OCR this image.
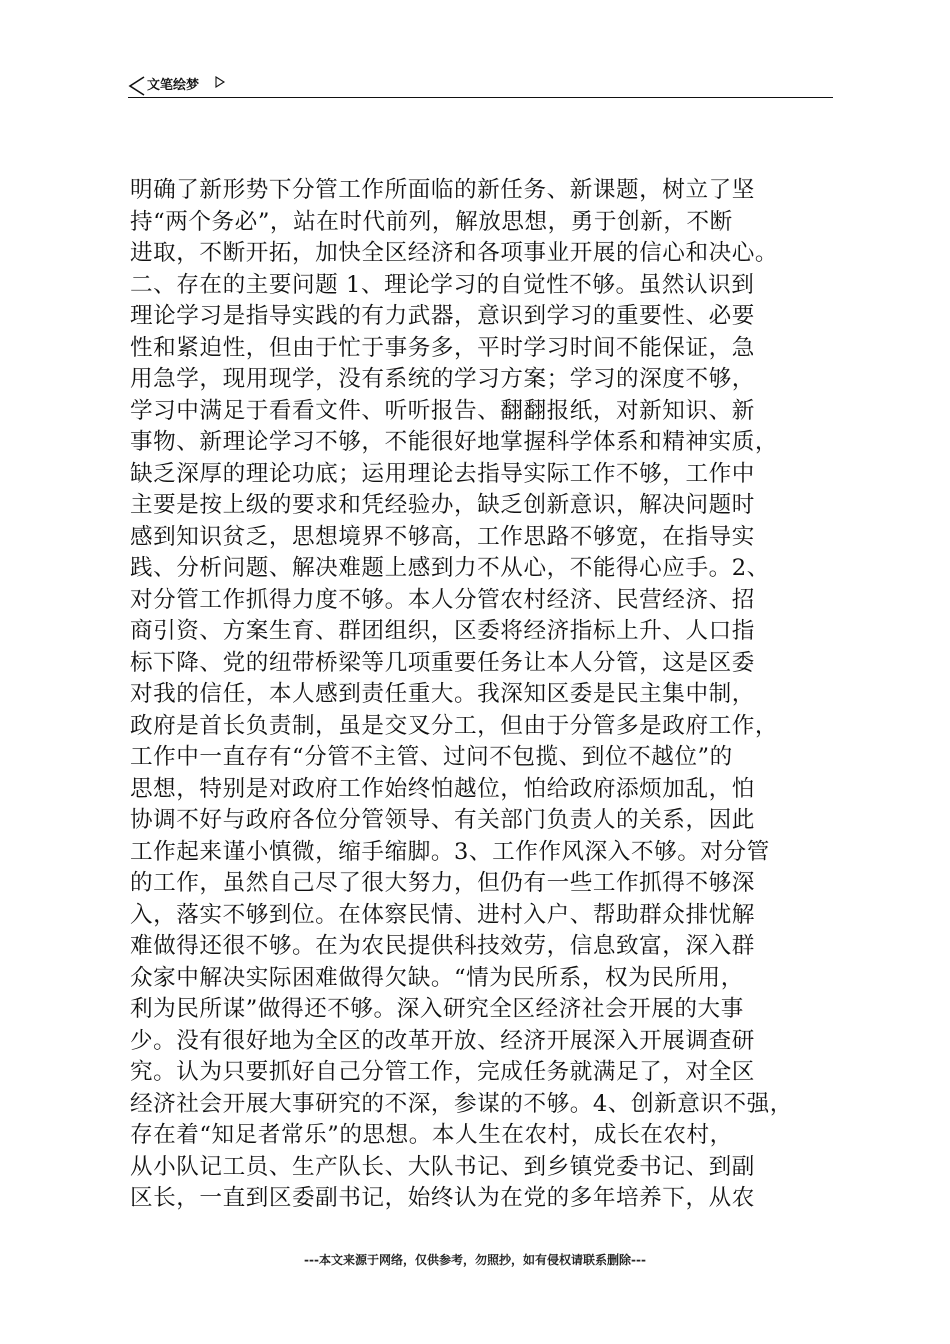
文笔绘梦
明确了新形势下分管工作所面临的新任务、新课题，树立了坚
持“两个务必”，站在时代前列，解放思想，勇于创新，不断
进取，不断开拓，加快全区经济和各项事业开展的信心和决心。
二、存在的主要问题 1、理论学习的自觉性不够。虽然认识到
理论学习是指导实践的有力武器，意识到学习的重要性、必要
性和紧迫性，但由于忙于事务多，平时学习时间不能保证，急
用急学，现用现学，没有系统的学习方案；学习的深度不够，
学习中满足于看看文件、听听报告、翻翻报纸，对新知识、新
事物、新理论学习不够，不能很好地掌握科学体系和精神实质，
缺乏深厚的理论功底；运用理论去指导实际工作不够，工作中
主要是按上级的要求和凭经验办，缺乏创新意识，解决问题时
感到知识贫乏，思想境界不够高，工作思路不够宽，在指导实
践、分析问题、解决难题上感到力不从心，不能得心应手。2、
对分管工作抓得力度不够。本人分管农村经济、民营经济、招
商引资、方案生育、群团组织，区委将经济指标上升、人口指
标下降、党的纽带桥梁等几项重要任务让本人分管，这是区委
对我的信任，本人感到责任重大。我深知区委是民主集中制，
政府是首长负责制，虽是交叉分工，但由于分管多是政府工作，
工作中一直存有“分管不主管、过问不包揽、到位不越位”的
思想，特别是对政府工作始终怕越位，怕给政府添烦加乱，怕
协调不好与政府各位分管领导、有关部门负责人的关系，因此
工作起来谨小慎微，缩手缩脚。3、工作作风深入不够。对分管
的工作，虽然自己尽了很大努力，但仍有一些工作抓得不够深
入，落实不够到位。在体察民情、进村入户、帮助群众排忧解
难做得还很不够。在为农民提供科技效劳，信息致富，深入群
众家中解决实际困难做得欠缺。“情为民所系，权为民所用，
利为民所谋”做得还不够。深入研究全区经济社会开展的大事
少。没有很好地为全区的改革开放、经济开展深入开展调查研
究。认为只要抓好自己分管工作，完成任务就满足了，对全区
经济社会开展大事研究的不深，参谋的不够。4、创新意识不强，
存在着“知足者常乐”的思想。本人生在农村，成长在农村，
从小队记工员、生产队长、大队书记、到乡镇党委书记、到副
区长，一直到区委副书记，始终认为在党的多年培养下，从农
---本文来源于网络，仅供参考，勿照抄，如有侵权请联系删除---
